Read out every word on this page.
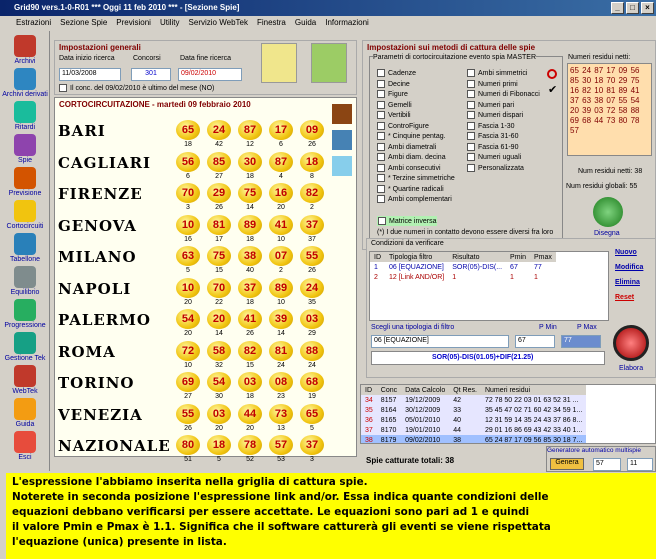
Grid90 vers.1-0-R01 *** Oggi 11 feb 2010 *** - [Sezione Spie]	_	□	×
Estrazioni Sezione Spie Previsioni Utility Servizio WebTek Finestra Guida Informazioni
Archivi
Archivi derivati
Ritardi
Spie
Previsione
Cortocircuiti
Tabellone
Equilibrio
Progressione
Gestione Tek
WebTek
Guida
Esci
Impostazioni generali
Data inizio ricerca
11/03/2008
Concorsi
301
Data fine ricerca
09/02/2010
Il conc. del 09/02/2010 è ultimo del mese (NO)
CORTOCIRCUITAZIONE - martedì 09 febbraio 2010
BARI	65
18
24
42
87
12
17
6
09
26
CAGLIARI	56
6
85
27
30
18
87
4
18
8
FIRENZE	70
3
29
26
75
14
16
20
82
2
GENOVA	10
16
81
17
89
18
41
10
37
37
MILANO	63
5
75
15
38
40
07
2
55
26
NAPOLI	10
20
70
22
37
18
89
10
24
35
PALERMO	54
20
20
14
41
26
39
14
03
29
ROMA	72
10
58
32
82
15
81
24
88
24
TORINO	69
27
54
30
03
18
08
23
68
19
VENEZIA	55
26
03
20
44
20
73
13
65
5
NAZIONALE	80
51
18
5
78
52
57
53
37
3
Impostazioni sui metodi di cattura delle spie
Parametri di cortocircuitazione evento spia MASTER
Cadenze
Decine
Figure
Gemelli
Vertibili
ControFigure
* Cinquine pentag.
Ambi diametrali
Ambi diam. decina
Ambi consecutivi
* Terzine simmetriche
* Quartine radicali
Ambi complementari
Ambi simmetrici
Numeri primi
Numeri di Fibonacci
Numeri pari
Numeri dispari
Fascia 1-30
Fascia 31-60
Fascia 61-90
Numeri uguali
Personalizzata
✔
Matrice inversa
(*) I due numeri in contatto devono essere diversi fra loro
Numeri residui netti:
65 24 87 17 09 56 85 30 18 70 29 75 16 82 10 81 89 41 37 63 38 07 55 54 20 39 03 72 58 88 69 68 44 73 80 78 57
Num residui netti: 38
Num residui globali: 55
Disegna
Condizioni da verificare
ID	Tipologia filtro	Risultato	Pmin	Pmax
1	06 [EQUAZIONE]	SOR(05)-DIS(...	67	77
2	12 [Link AND/OR]	1	1	1
Nuovo
Modifica
Elimina
Reset
Scegli una tipologia di filtro	P Min	P Max
06 [EQUAZIONE]	67	77
SOR(05)-DIS(01.05)+DIF(21.25)
Elabora
ID	Conc	Data Calcolo	Qt Res.	Numeri residui
34	8157	19/12/2009	42	72 78 50 22 03 01 63 52 31 ...
35	8164	30/12/2009	33	35 45 47 02 71 60 42 34 59 1...
36	8165	05/01/2010	40	12 31 59 14 35 24 43 37 86 8...
37	8170	19/01/2010	44	29 01 16 86 69 43 42 33 40 1...
38	8179	09/02/2010	38	65 24 87 17 09 56 85 30 18 7...
Spie catturate totali: 38
Generatore automatico multispie
Genera	57	11
L'espressione l'abbiamo inserita nella griglia di cattura spie.
Noterete in seconda posizione l'espressione link and/or. Essa indica quante condizioni delle
equazioni debbano verificarsi per essere accettate. Le equazioni sono pari ad 1 e quindi
il valore Pmin e Pmax è 1.1. Significa che il software catturerà gli eventi se viene rispettata
l'equazione (unica) presente in lista.
